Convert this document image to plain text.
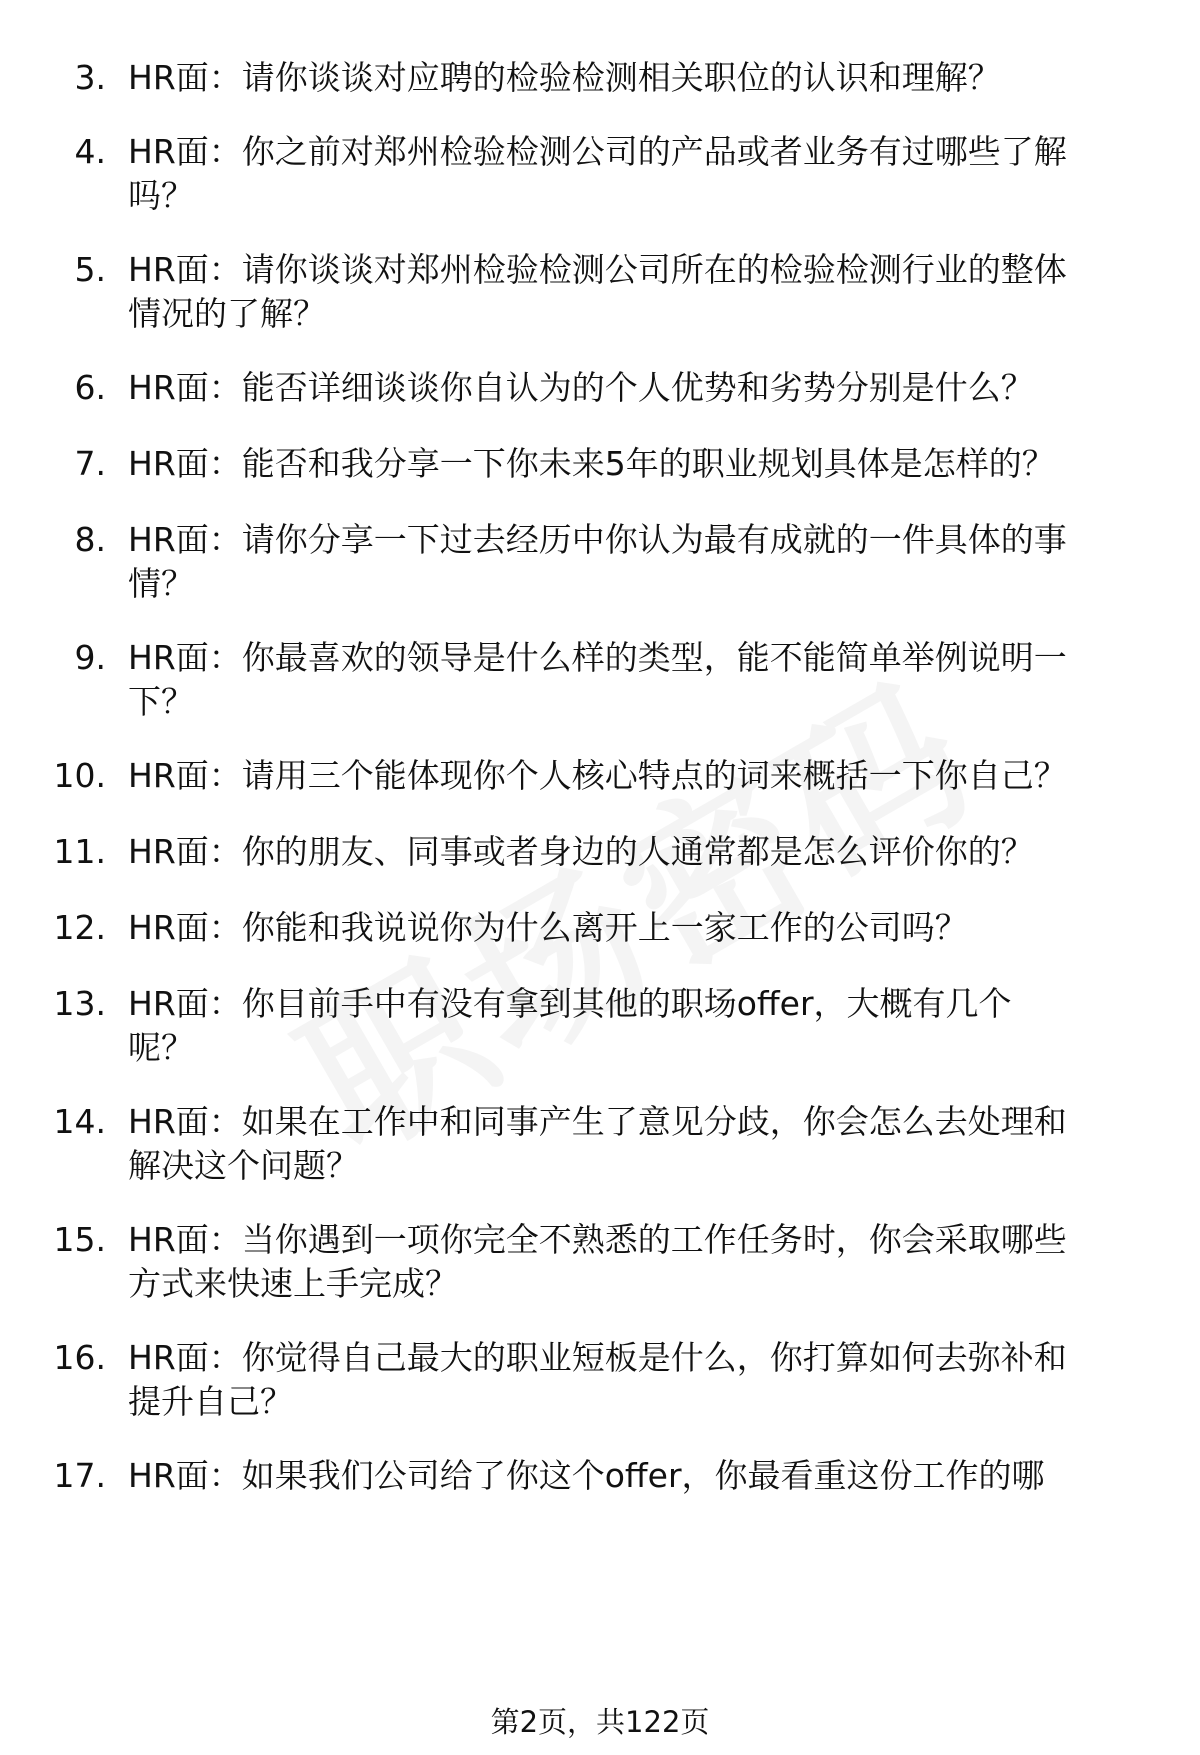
3. HR面：请你谈谈对应聘的检验检测相关职位的认识和理解？
4. HR面：你之前对郑州检验检测公司的产品或者业务有过哪些了解
吗？
5. HR面：请你谈谈对郑州检验检测公司所在的检验检测行业的整体
情况的了解？
6. HR面：能否详细谈谈你自认为的个人优势和劣势分别是什么？
7. HR面：能否和我分享一下你未来5年的职业规划具体是怎样的？
8. HR面：请你分享一下过去经历中你认为最有成就的一件具体的事
情？
9. HR面：你最喜欢的领导是什么样的类型，能不能简单举例说明一
下？
10. HR面：请用三个能体现你个人核心特点的词来概括一下你自己？
11. HR面：你的朋友、同事或者身边的人通常都是怎么评价你的？
12. HR面：你能和我说说你为什么离开上一家工作的公司吗？
13. HR面：你目前手中有没有拿到其他的职场offer，大概有几个
呢？
14. HR面：如果在工作中和同事产生了意见分歧，你会怎么去处理和
解决这个问题？
15. HR面：当你遇到一项你完全不熟悉的工作任务时，你会采取哪些
方式来快速上手完成？
16. HR面：你觉得自己最大的职业短板是什么，你打算如何去弥补和
提升自己？
17. HR面：如果我们公司给了你这个offer，你最看重这份工作的哪
第2页，共122页
